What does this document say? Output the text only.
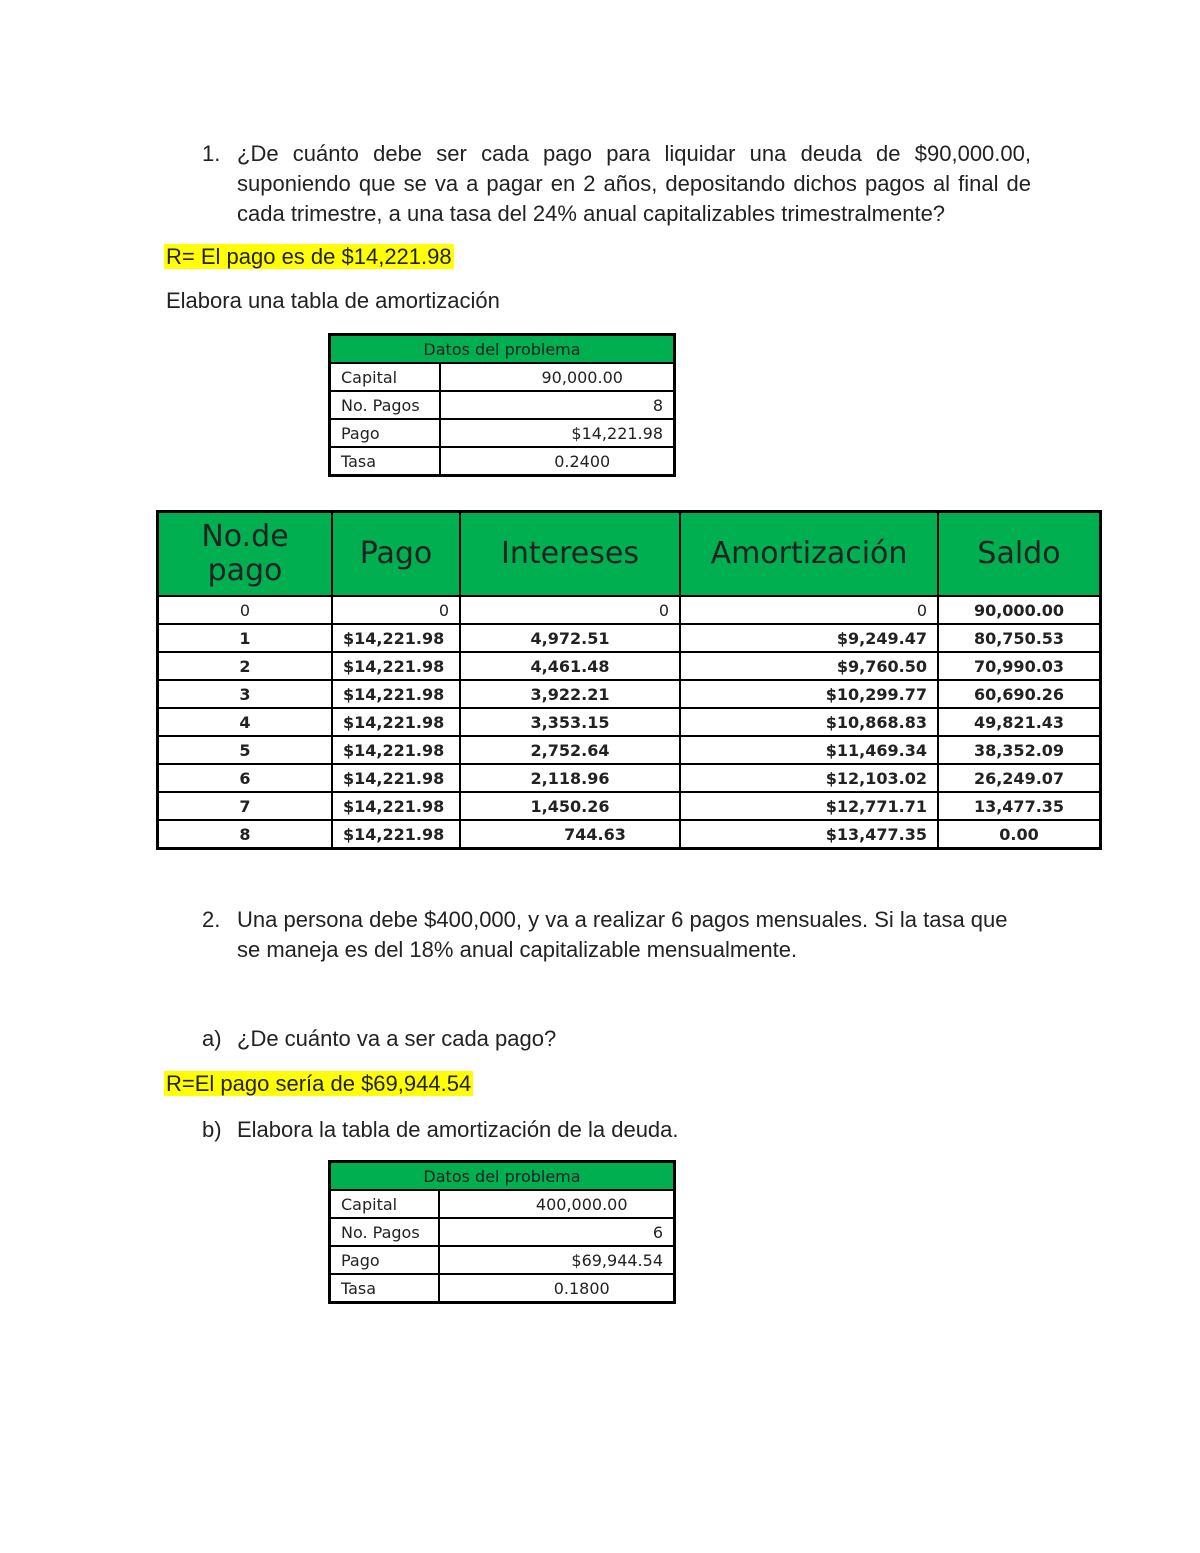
1. ¿De cuánto debe ser cada pago para liquidar una deuda de $90,000.00, suponiendo que se va a pagar en 2 años, depositando dichos pagos al final de cada trimestre, a una tasa del 24% anual capitalizables trimestralmente?

R= El pago es de $14,221.98

Elabora una tabla de amortización

Datos del problema	
Capital	90,000.00
No. Pagos	8
Pago	$14,221.98
Tasa	0.2400
No.de pago	Pago	Intereses	Amortización	Saldo
0	0	0	0	90,000.00
1	$14,221.98	4,972.51	$9,249.47	80,750.53
2	$14,221.98	4,461.48	$9,760.50	70,990.03
3	$14,221.98	3,922.21	$10,299.77	60,690.26
4	$14,221.98	3,353.15	$10,868.83	49,821.43
5	$14,221.98	2,752.64	$11,469.34	38,352.09
6	$14,221.98	2,118.96	$12,103.02	26,249.07
7	$14,221.98	1,450.26	$12,771.71	13,477.35
8	$14,221.98	744.63	$13,477.35	0.00
2. Una persona debe $400,000, y va a realizar 6 pagos mensuales. Si la tasa que se maneja es del 18% anual capitalizable mensualmente.

a) ¿De cuánto va a ser cada pago?

R=El pago sería de $69,944.54

b) Elabora la tabla de amortización de la deuda.

Datos del problema	
Capital	400,000.00
No. Pagos	6
Pago	$69,944.54
Tasa	0.1800
